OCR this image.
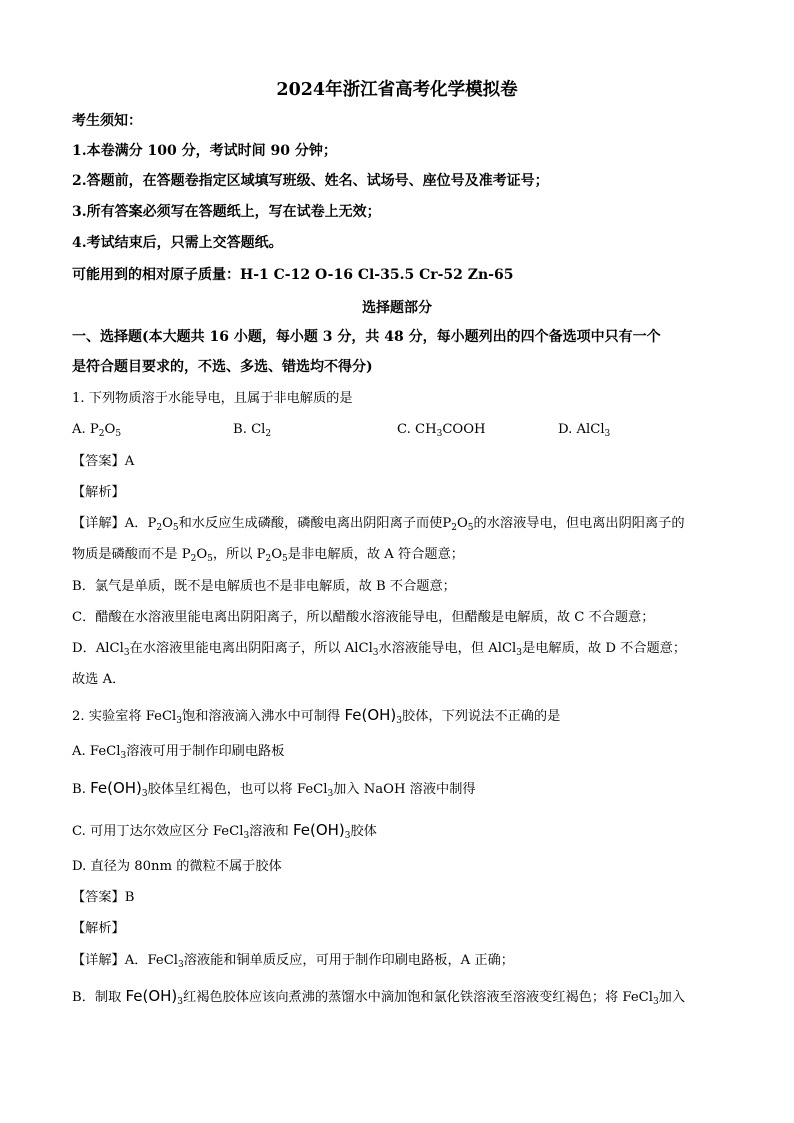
2024年浙江省高考化学模拟卷
考生须知：
1.本卷满分 100 分，考试时间 90 分钟；
2.答题前，在答题卷指定区域填写班级、姓名、试场号、座位号及准考证号；
3.所有答案必须写在答题纸上，写在试卷上无效；
4.考试结束后，只需上交答题纸。
可能用到的相对原子质量：H-1 C-12 O-16 Cl-35.5 Cr-52 Zn-65
选择题部分
一、选择题(本大题共 16 小题，每小题 3 分，共 48 分，每小题列出的四个备选项中只有一个
是符合题目要求的，不选、多选、错选均不得分)
1. 下列物质溶于水能导电，且属于非电解质的是
A. $P_2O_5$	B. $Cl_2$	C. $CH_3COOH$	D. AlCl$_3$
【答案】A
【解析】
【详解】A．$P_2O_5$和水反应生成磷酸，磷酸电离出阴阳离子而使$P_2O_5$的水溶液导电，但电离出阴阳离子的
物质是磷酸而不是 $P_2O_5$，所以 $P_2O_5$是非电解质，故 A 符合题意；
B．氯气是单质，既不是电解质也不是非电解质，故 B 不合题意；
C．醋酸在水溶液里能电离出阴阳离子，所以醋酸水溶液能导电，但醋酸是电解质，故 C 不合题意；
D．AlCl$_3$在水溶液里能电离出阴阳离子，所以 AlCl$_3$水溶液能导电，但 AlCl$_3$是电解质，故 D 不合题意；
故选 A．
2. 实验室将 FeCl$_3$饱和溶液滴入沸水中可制得 $Fe(OH)_3$胶体，下列说法不正确的是
A. FeCl$_3$溶液可用于制作印刷电路板
B. $Fe(OH)_3$胶体呈红褐色，也可以将 FeCl$_3$加入 NaOH 溶液中制得
C. 可用丁达尔效应区分 FeCl$_3$溶液和 $Fe(OH)_3$胶体
D. 直径为 80nm 的微粒不属于胶体
【答案】B
【解析】
【详解】A．FeCl$_3$溶液能和铜单质反应，可用于制作印刷电路板，A 正确；
B．制取 $Fe(OH)_3$红褐色胶体应该向煮沸的蒸馏水中滴加饱和氯化铁溶液至溶液变红褐色；将 FeCl$_3$加入
